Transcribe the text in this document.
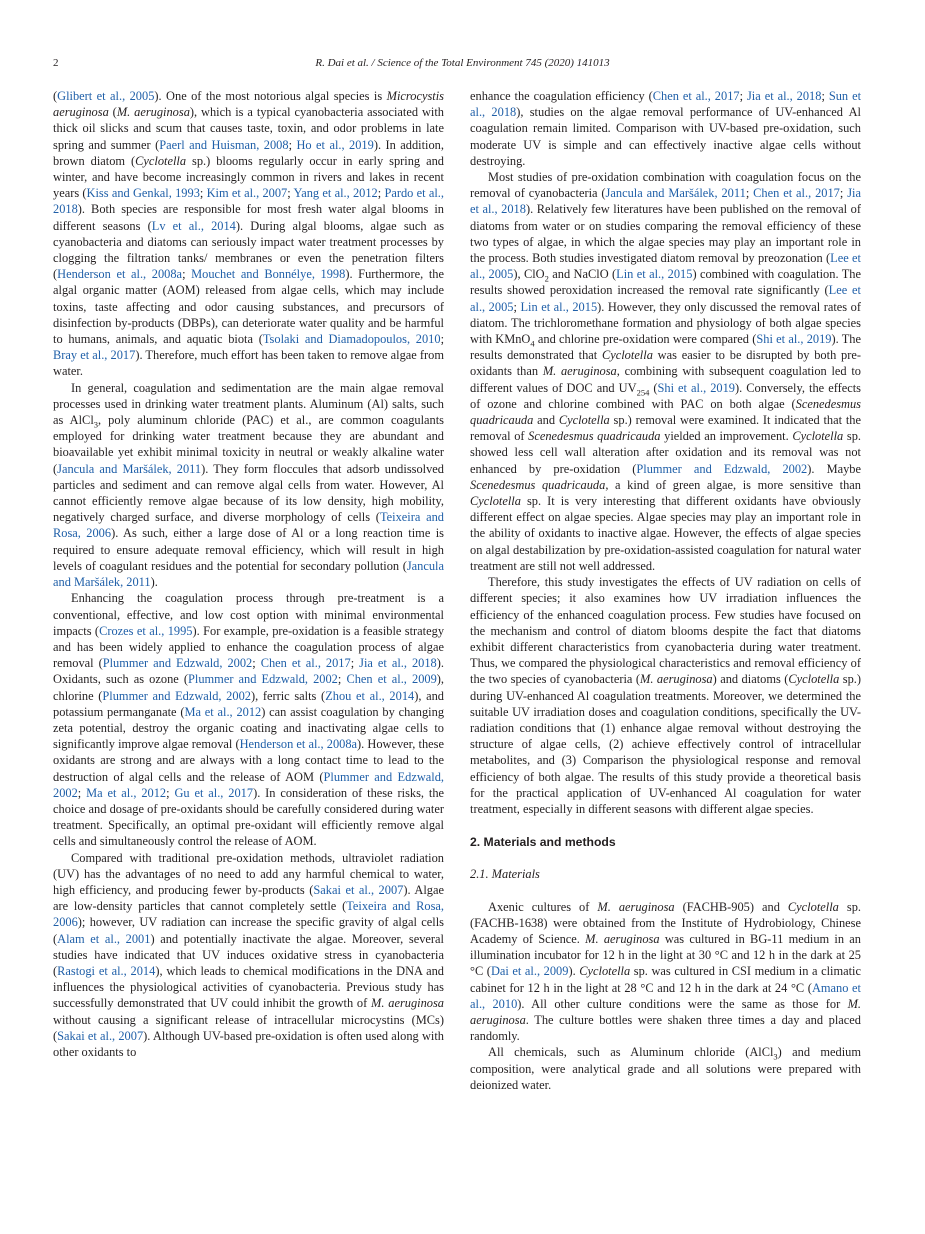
2	R. Dai et al. / Science of the Total Environment 745 (2020) 141013

(Glibert et al., 2005). One of the most notorious algal species is Microcystis aeruginosa (M. aeruginosa), which is a typical cyanobacteria associated with thick oil slicks and scum that causes taste, toxin, and odor problems in late spring and summer (Paerl and Huisman, 2008; Ho et al., 2019). In addition, brown diatom (Cyclotella sp.) blooms regularly occur in early spring and winter, and have become increasingly common in rivers and lakes in recent years (Kiss and Genkal, 1993; Kim et al., 2007; Yang et al., 2012; Pardo et al., 2018). Both species are responsible for most fresh water algal blooms in different seasons (Lv et al., 2014). During algal blooms, algae such as cyanobacteria and diatoms can seriously impact water treatment processes by clogging the filtration tanks/ membranes or even the penetration filters (Henderson et al., 2008a; Mouchet and Bonnélye, 1998). Furthermore, the algal organic matter (AOM) released from algae cells, which may include toxins, taste affecting and odor causing substances, and precursors of disinfection by-products (DBPs), can deteriorate water quality and be harmful to humans, animals, and aquatic biota (Tsolaki and Diamadopoulos, 2010; Bray et al., 2017). Therefore, much effort has been taken to remove algae from water.

In general, coagulation and sedimentation are the main algae removal processes used in drinking water treatment plants. Aluminum (Al) salts, such as AlCl$_3$, poly aluminum chloride (PAC) et al., are common coagulants employed for drinking water treatment because they are abundant and bioavailable yet exhibit minimal toxicity in neutral or weakly alkaline water (Jancula and Maršálek, 2011). They form floccules that adsorb undissolved particles and sediment and can remove algal cells from water. However, Al cannot efficiently remove algae because of its low density, high mobility, negatively charged surface, and diverse morphology of cells (Teixeira and Rosa, 2006). As such, either a large dose of Al or a long reaction time is required to ensure adequate removal efficiency, which will result in high levels of coagulant residues and the potential for secondary pollution (Jancula and Maršálek, 2011).

Enhancing the coagulation process through pre-treatment is a conventional, effective, and low cost option with minimal environmental impacts (Crozes et al., 1995). For example, pre-oxidation is a feasible strategy and has been widely applied to enhance the coagulation process of algae removal (Plummer and Edzwald, 2002; Chen et al., 2017; Jia et al., 2018). Oxidants, such as ozone (Plummer and Edzwald, 2002; Chen et al., 2009), chlorine (Plummer and Edzwald, 2002), ferric salts (Zhou et al., 2014), and potassium permanganate (Ma et al., 2012) can assist coagulation by changing zeta potential, destroy the organic coating and inactivating algae cells to significantly improve algae removal (Henderson et al., 2008a). However, these oxidants are strong and are always with a long contact time to lead to the destruction of algal cells and the release of AOM (Plummer and Edzwald, 2002; Ma et al., 2012; Gu et al., 2017). In consideration of these risks, the choice and dosage of pre-oxidants should be carefully considered during water treatment. Specifically, an optimal pre-oxidant will efficiently remove algal cells and simultaneously control the release of AOM.

Compared with traditional pre-oxidation methods, ultraviolet radiation (UV) has the advantages of no need to add any harmful chemical to water, high efficiency, and producing fewer by-products (Sakai et al., 2007). Algae are low-density particles that cannot completely settle (Teixeira and Rosa, 2006); however, UV radiation can increase the specific gravity of algal cells (Alam et al., 2001) and potentially inactivate the algae. Moreover, several studies have indicated that UV induces oxidative stress in cyanobacteria (Rastogi et al., 2014), which leads to chemical modifications in the DNA and influences the physiological activities of cyanobacteria. Previous study has successfully demonstrated that UV could inhibit the growth of M. aeruginosa without causing a significant release of intracellular microcystins (MCs) (Sakai et al., 2007). Although UV-based pre-oxidation is often used along with other oxidants to

enhance the coagulation efficiency (Chen et al., 2017; Jia et al., 2018; Sun et al., 2018), studies on the algae removal performance of UV-enhanced Al coagulation remain limited. Comparison with UV-based pre-oxidation, such moderate UV is simple and can effectively inactive algae cells without destroying.

Most studies of pre-oxidation combination with coagulation focus on the removal of cyanobacteria (Jancula and Maršálek, 2011; Chen et al., 2017; Jia et al., 2018). Relatively few literatures have been published on the removal of diatoms from water or on studies comparing the removal efficiency of these two types of algae, in which the algae species may play an important role in the process. Both studies investigated diatom removal by preozonation (Lee et al., 2005), ClO$_2$ and NaClO (Lin et al., 2015) combined with coagulation. The results showed peroxidation increased the removal rate significantly (Lee et al., 2005; Lin et al., 2015). However, they only discussed the removal rates of diatom. The trichloromethane formation and physiology of both algae species with KMnO$_4$ and chlorine pre-oxidation were compared (Shi et al., 2019). The results demonstrated that Cyclotella was easier to be disrupted by both pre-oxidants than M. aeruginosa, combining with subsequent coagulation led to different values of DOC and $UV_{254}$ (Shi et al., 2019). Conversely, the effects of ozone and chlorine combined with PAC on both algae (Scenedesmus quadricauda and Cyclotella sp.) removal were examined. It indicated that the removal of Scenedesmus quadricauda yielded an improvement. Cyclotella sp. showed less cell wall alteration after oxidation and its removal was not enhanced by pre-oxidation (Plummer and Edzwald, 2002). Maybe Scenedesmus quadricauda, a kind of green algae, is more sensitive than Cyclotella sp. It is very interesting that different oxidants have obviously different effect on algae species. Algae species may play an important role in the ability of oxidants to inactive algae. However, the effects of algae species on algal destabilization by pre-oxidation-assisted coagulation for natural water treatment are still not well addressed.

Therefore, this study investigates the effects of UV radiation on cells of different species; it also examines how UV irradiation influences the efficiency of the enhanced coagulation process. Few studies have focused on the mechanism and control of diatom blooms despite the fact that diatoms exhibit different characteristics from cyanobacteria during water treatment. Thus, we compared the physiological characteristics and removal efficiency of the two species of cyanobacteria (M. aeruginosa) and diatoms (Cyclotella sp.) during UV-enhanced Al coagulation treatments. Moreover, we determined the suitable UV irradiation doses and coagulation conditions, specifically the UV-radiation conditions that (1) enhance algae removal without destroying the structure of algae cells, (2) achieve effectively control of intracellular metabolites, and (3) Comparison the physiological response and removal efficiency of both algae. The results of this study provide a theoretical basis for the practical application of UV-enhanced Al coagulation for water treatment, especially in different seasons with different algae species.

2. Materials and methods
2.1. Materials

Axenic cultures of M. aeruginosa (FACHB-905) and Cyclotella sp. (FACHB-1638) were obtained from the Institute of Hydrobiology, Chinese Academy of Science. M. aeruginosa was cultured in BG-11 medium in an illumination incubator for 12 h in the light at 30 °C and 12 h in the dark at 25 °C (Dai et al., 2009). Cyclotella sp. was cultured in CSI medium in a climatic cabinet for 12 h in the light at 28 °C and 12 h in the dark at 24 °C (Amano et al., 2010). All other culture conditions were the same as those for M. aeruginosa. The culture bottles were shaken three times a day and placed randomly.

All chemicals, such as Aluminum chloride (AlCl$_3$) and medium composition, were analytical grade and all solutions were prepared with deionized water.
